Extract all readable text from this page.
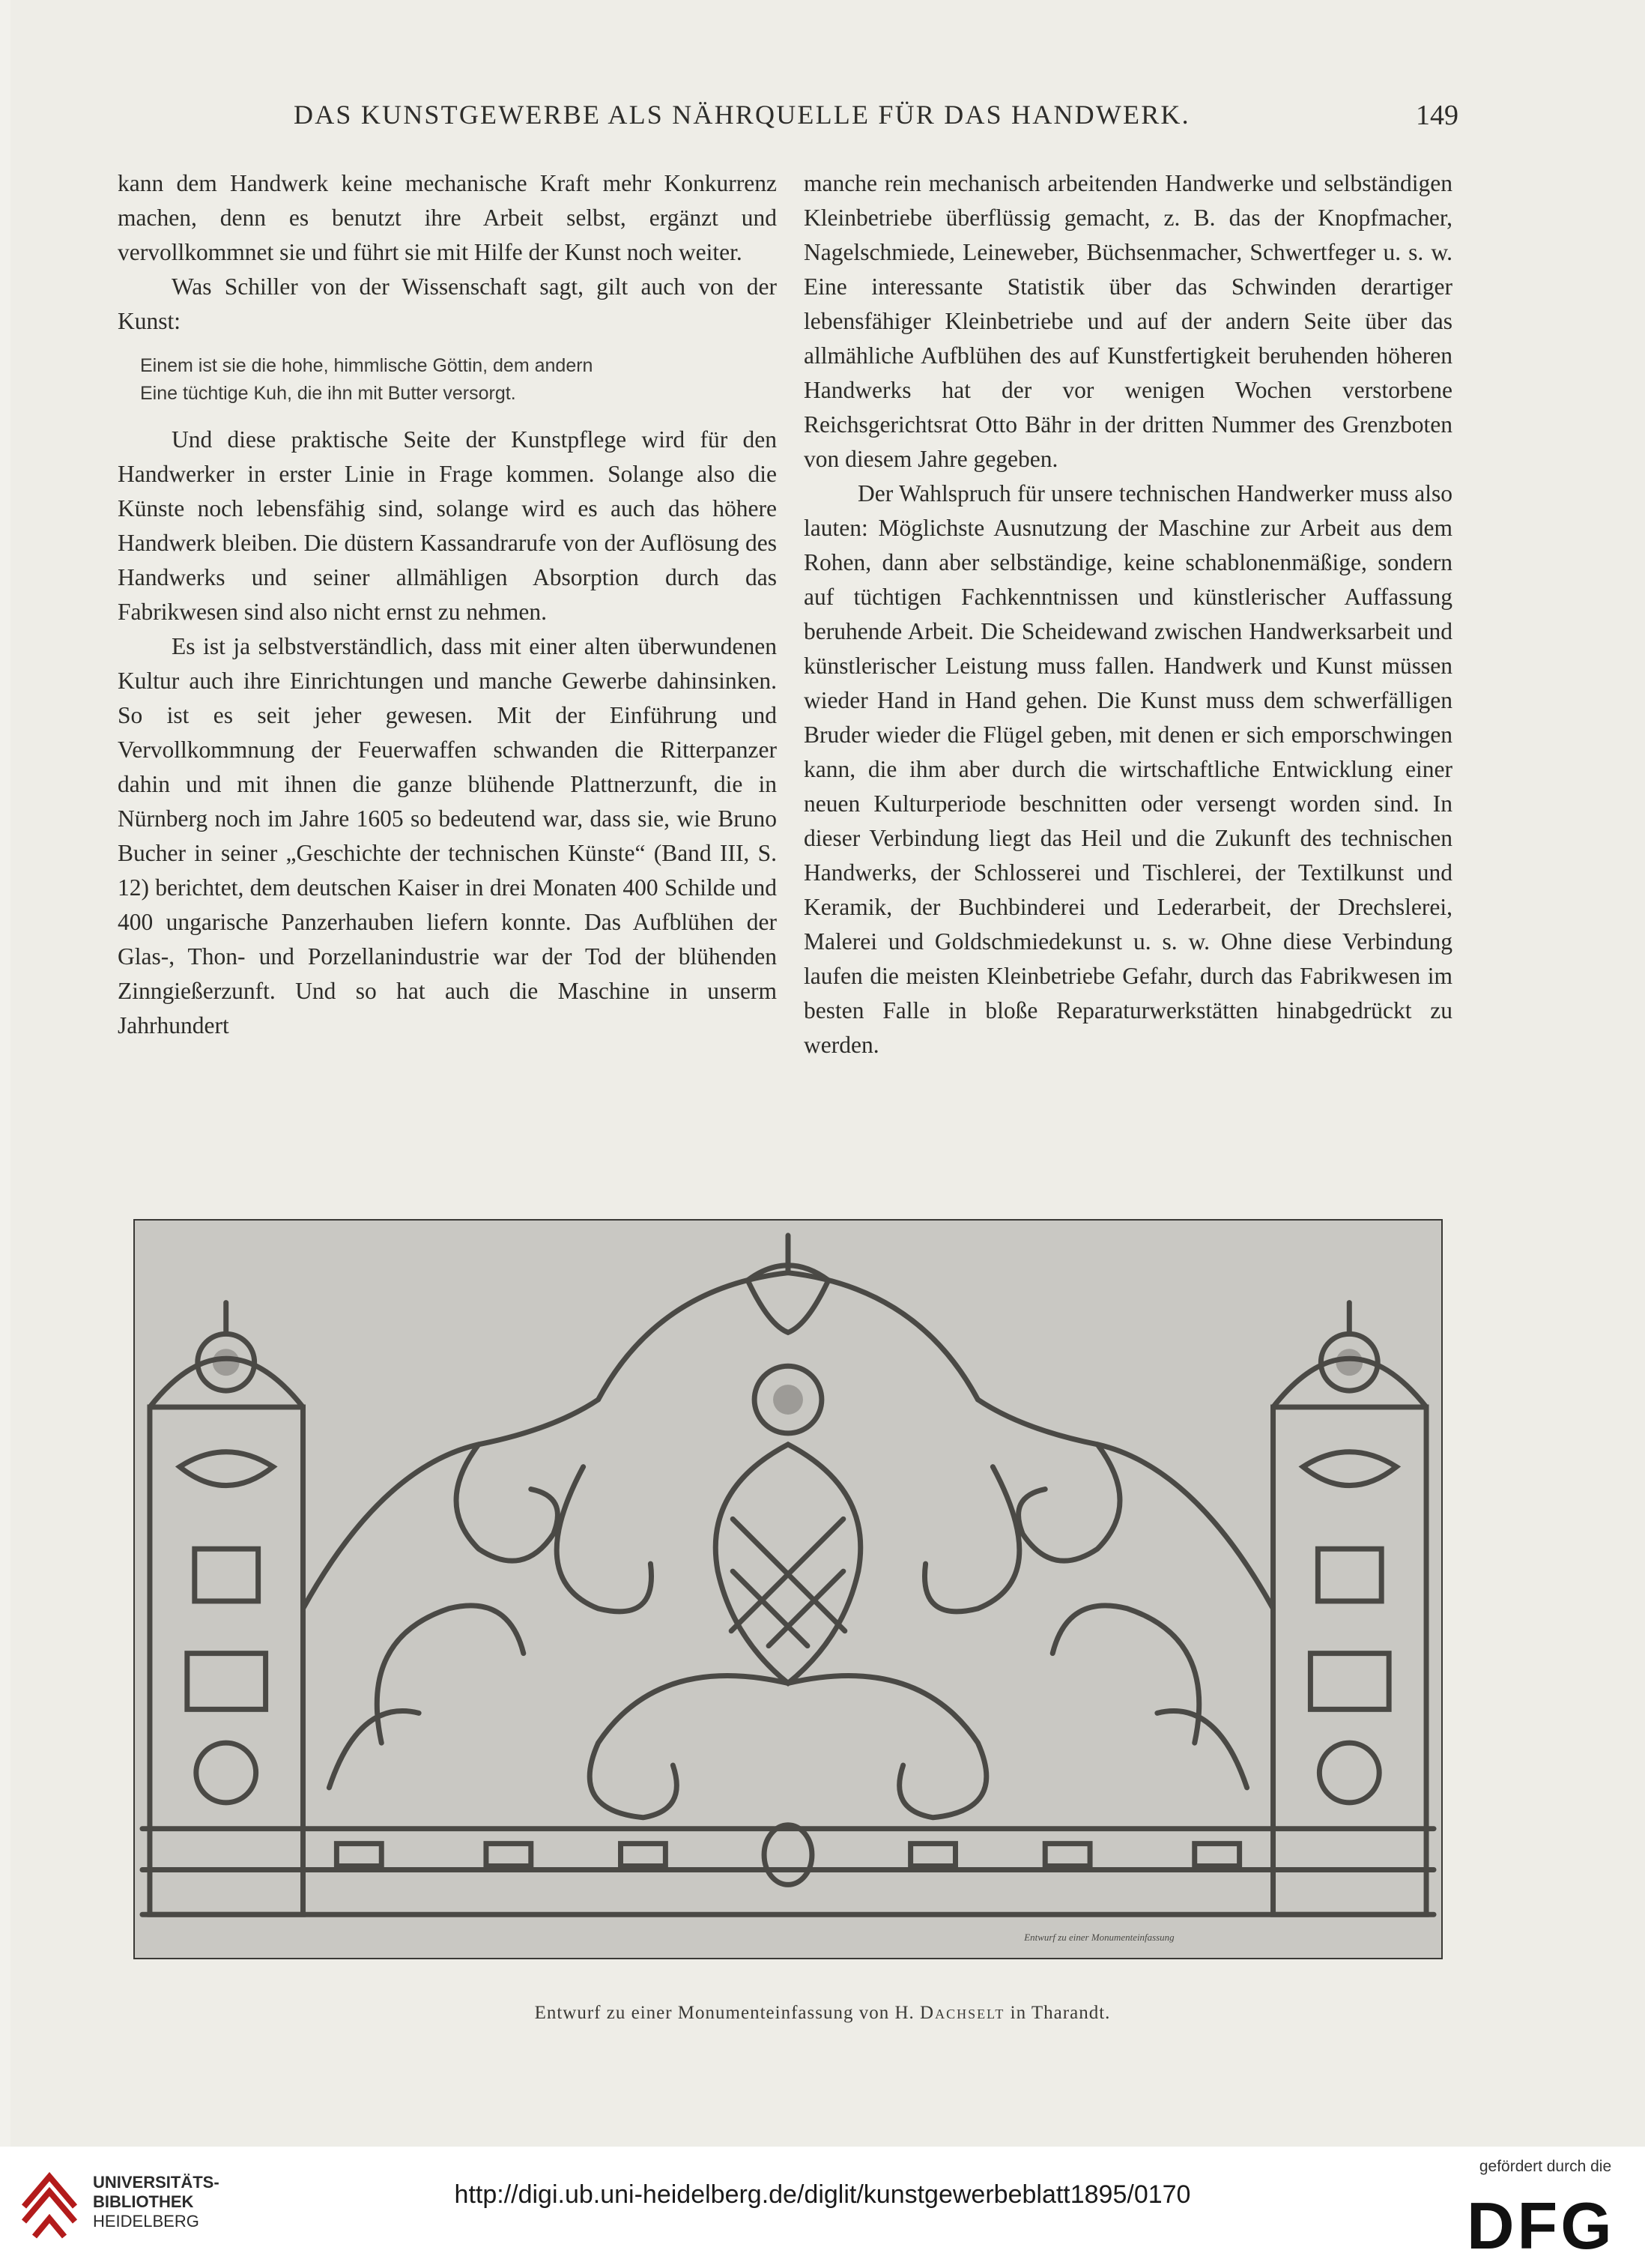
DAS KUNSTGEWERBE ALS NÄHRQUELLE FÜR DAS HANDWERK.	149

kann dem Handwerk keine mechanische Kraft mehr Konkurrenz machen, denn es benutzt ihre Arbeit selbst, ergänzt und vervollkommnet sie und führt sie mit Hilfe der Kunst noch weiter.

Was Schiller von der Wissenschaft sagt, gilt auch von der Kunst:

Einem ist sie die hohe, himmlische Göttin, dem andern
Eine tüchtige Kuh, die ihn mit Butter versorgt.

Und diese praktische Seite der Kunstpflege wird für den Handwerker in erster Linie in Frage kommen. Solange also die Künste noch lebensfähig sind, solange wird es auch das höhere Handwerk bleiben. Die düstern Kassandrarufe von der Auflösung des Handwerks und seiner allmähligen Absorption durch das Fabrikwesen sind also nicht ernst zu nehmen.

Es ist ja selbstverständlich, dass mit einer alten überwundenen Kultur auch ihre Einrichtungen und manche Gewerbe dahinsinken. So ist es seit jeher gewesen. Mit der Einführung und Vervollkommnung der Feuerwaffen schwanden die Ritterpanzer dahin und mit ihnen die ganze blühende Plattnerzunft, die in Nürnberg noch im Jahre 1605 so bedeutend war, dass sie, wie Bruno Bucher in seiner „Geschichte der technischen Künste“ (Band III, S. 12) berichtet, dem deutschen Kaiser in drei Monaten 400 Schilde und 400 ungarische Panzerhauben liefern konnte. Das Aufblühen der Glas-, Thon- und Porzellanindustrie war der Tod der blühenden Zinngießerzunft. Und so hat auch die Maschine in unserm Jahrhundert

manche rein mechanisch arbeitenden Handwerke und selbständigen Kleinbetriebe überflüssig gemacht, z. B. das der Knopfmacher, Nagelschmiede, Leineweber, Büchsenmacher, Schwertfeger u. s. w. Eine interessante Statistik über das Schwinden derartiger lebensfähiger Kleinbetriebe und auf der andern Seite über das allmähliche Aufblühen des auf Kunstfertigkeit beruhenden höheren Handwerks hat der vor wenigen Wochen verstorbene Reichsgerichtsrat Otto Bähr in der dritten Nummer des Grenzboten von diesem Jahre gegeben.

Der Wahlspruch für unsere technischen Handwerker muss also lauten: Möglichste Ausnutzung der Maschine zur Arbeit aus dem Rohen, dann aber selbständige, keine schablonenmäßige, sondern auf tüchtigen Fachkenntnissen und künstlerischer Auffassung beruhende Arbeit. Die Scheidewand zwischen Handwerksarbeit und künstlerischer Leistung muss fallen. Handwerk und Kunst müssen wieder Hand in Hand gehen. Die Kunst muss dem schwerfälligen Bruder wieder die Flügel geben, mit denen er sich emporschwingen kann, die ihm aber durch die wirtschaftliche Entwicklung einer neuen Kulturperiode beschnitten oder versengt worden sind. In dieser Verbindung liegt das Heil und die Zukunft des technischen Handwerks, der Schlosserei und Tischlerei, der Textilkunst und Keramik, der Buchbinderei und Lederarbeit, der Drechslerei, Malerei und Goldschmiedekunst u. s. w. Ohne diese Verbindung laufen die meisten Kleinbetriebe Gefahr, durch das Fabrikwesen im besten Falle in bloße Reparaturwerkstätten hinabgedrückt zu werden.

Entwurf zu einer Monumenteinfassung
Entwurf zu einer Monumenteinfassung von H. Dachselt in Tharandt.
UNIVERSITÄTS-
BIBLIOTHEK
HEIDELBERG
http://digi.ub.uni-heidelberg.de/diglit/kunstgewerbeblatt1895/0170
gefördert durch die
DFG
